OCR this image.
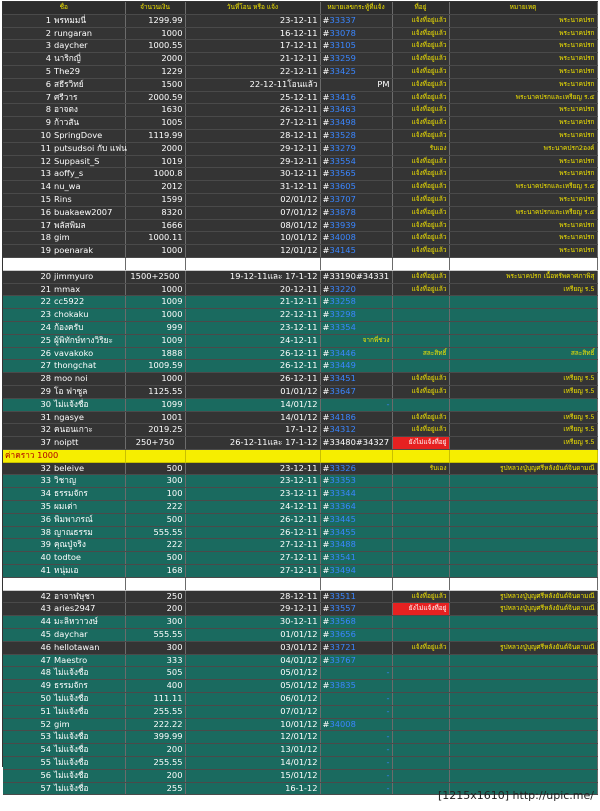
ชื่อ	จำนวนเงิน	วันที่โอน หรือ แจ้ง	หมายเลขกระทู้ที่แจ้ง	ที่อยู่	หมายเหตุ
1 พรหมมนี่	1299.99	23-12-11	#33337	แจ้งที่อยู่แล้ว	พระนาคปรก
2 rungaran	1000	16-12-11	#33078	แจ้งที่อยู่แล้ว	พระนาคปรก
3 daycher	1000.55	17-12-11	#33105	แจ้งที่อยู่แล้ว	พระนาคปรก
4 นาริกญี่	2000	21-12-11	#33259	แจ้งที่อยู่แล้ว	พระนาคปรก
5 The29	1229	22-12-11	#33425	แจ้งที่อยู่แล้ว	พระนาคปรก
6 สธีรวิทย์	1500	22-12-11โอนแล้ว	PM	แจ้งที่อยู่แล้ว	พระนาคปรก
7 ศรีวาร	2000.59	25-12-11	#33416	แจ้งที่อยู่แล้ว	พระนาคปรกและเหรียญ ร.๕
8 อาจตง	1630	26-12-11	#33463	แจ้งที่อยู่แล้ว	พระนาคปรก
9 ก้าวสัน	1005	27-12-11	#33498	แจ้งที่อยู่แล้ว	พระนาคปรก
10 SpringDove	1119.99	28-12-11	#33528	แจ้งที่อยู่แล้ว	พระนาคปรก
11 putsudsoi กับ แฟน	2000	29-12-11	#33279	รับเอง	พระนาคปรก2องค์
12 Suppasit_S	1019	29-12-11	#33554	แจ้งที่อยู่แล้ว	พระนาคปรก
13 aoffy_s	1000.8	30-12-11	#33565	แจ้งที่อยู่แล้ว	พระนาคปรก
14 nu_wa	2012	31-12-11	#33605	แจ้งที่อยู่แล้ว	พระนาคปรกและเหรียญ ร.๕
15 Rins	1599	02/01/12	#33707	แจ้งที่อยู่แล้ว	พระนาคปรก
16 buakaew2007	8320	07/01/12	#33878	แจ้งที่อยู่แล้ว	พระนาคปรกและเหรียญ ร.๕
17 พลัสพิมล	1666	08/01/12	#33939	แจ้งที่อยู่แล้ว	พระนาคปรก
18 gim	1000.11	10/01/12	#34008	แจ้งที่อยู่แล้ว	พระนาคปรก
19 poenarak	1000	12/01/12	#34145	แจ้งที่อยู่แล้ว	พระนาคปรก

20 jimmyuro	1500+2500	19-12-11และ 17-1-12	#33190#34331	แจ้งที่อยู่แล้ว	พระนาคปรก เนื้อทรัพคาศภาพิสุ
21 mmax	1000	20-12-11	#33220	แจ้งที่อยู่แล้ว	เหรียญ ร.5
22 cc5922	1009	21-12-11	#33258		
23 chokaku	1000	22-12-11	#33298		
24 ก้องครับ	999	23-12-11	#33354		
25 ผู้พิทักษ์ทางวิริยะ	1009	24-12-11	จากพี่ช่วง		
26 vavakoko	1888	26-12-11	#33446	สละสิทธิ์	สละสิทธิ์
27 thongchat	1009.59	26-12-11	#33449		
28 moo noi	1000	26-12-11	#33451	แจ้งที่อยู่แล้ว	เหรียญ ร.5
29 โอ ฟาซูล	1125.55	01/01/12	#33647	แจ้งที่อยู่แล้ว	เหรียญ ร.5
30 ไม่แจ้งชื่อ	1099	14/01/12	-		
31 ngasye	1001	14/01/12	#34186	แจ้งที่อยู่แล้ว	เหรียญ ร.5
32 คนอนเกาะ	2019.25	17-1-12	#34312	แจ้งที่อยู่แล้ว	เหรียญ ร.5
37 noiptt	250+750	26-12-11และ 17-1-12	#33480#34327	ยังไม่แจ้งที่อยู่	เหรียญ ร.5
ค่าคราว 1000					
32 beleive	500	23-12-11	#33326	รับเอง	รูปหลวงปู่บุญศรีหลังยันต์จินดามณี
33 วิชาญ	300	23-12-11	#33353		
34 ธรรมจักร	100	23-12-11	#33344		
35 ผมเต่า	222	24-12-11	#33364		
36 พิมพาภรณ์	500	26-12-11	#33445		
38 ญาณธรรม	555.55	26-12-11	#33455		
39 คุณปู่จริง	222	27-12-11	#33488		
40 todtoe	500	27-12-11	#33541		
41 หนุ่มเอ	168	27-12-11	#33494		

42 อาจาฬษุชา	250	28-12-11	#33511	แจ้งที่อยู่แล้ว	รูปหลวงปู่บุญศรีหลังยันต์จินดามณี
43 aries2947	200	29-12-11	#33557	ยังไม่แจ้งที่อยู่	รูปหลวงปู่บุญศรีหลังยันต์จินดามณี
44 มะลิหวาวงษ์	300	30-12-11	#33568		
45 daychar	555.55	01/01/12	#33656		
46 hellotawan	300	03/01/12	#33721	แจ้งที่อยู่แล้ว	รูปหลวงปู่บุญศรีหลังยันต์จินดามณี
47 Maestro	333	04/01/12	#33767		
48 ไม่แจ้งชื่อ	505	05/01/12	-		
49 ธรรมจักร	400	05/01/12	#33835		
50 ไม่แจ้งชื่อ	111.11	06/01/12	-		
51 ไม่แจ้งชื่อ	255.55	07/01/12	-		
52 gim	222.22	10/01/12	#34008		
53 ไม่แจ้งชื่อ	399.99	12/01/12	-		
54 ไม่แจ้งชื่อ	200	13/01/12	-		
55 ไม่แจ้งชื่อ	255.55	14/01/12	-		
56 ไม่แจ้งชื่อ	200	15/01/12	-		
57 ไม่แจ้งชื่อ	255	16-1-12	-		
[1215x1610] http://upic.me/
